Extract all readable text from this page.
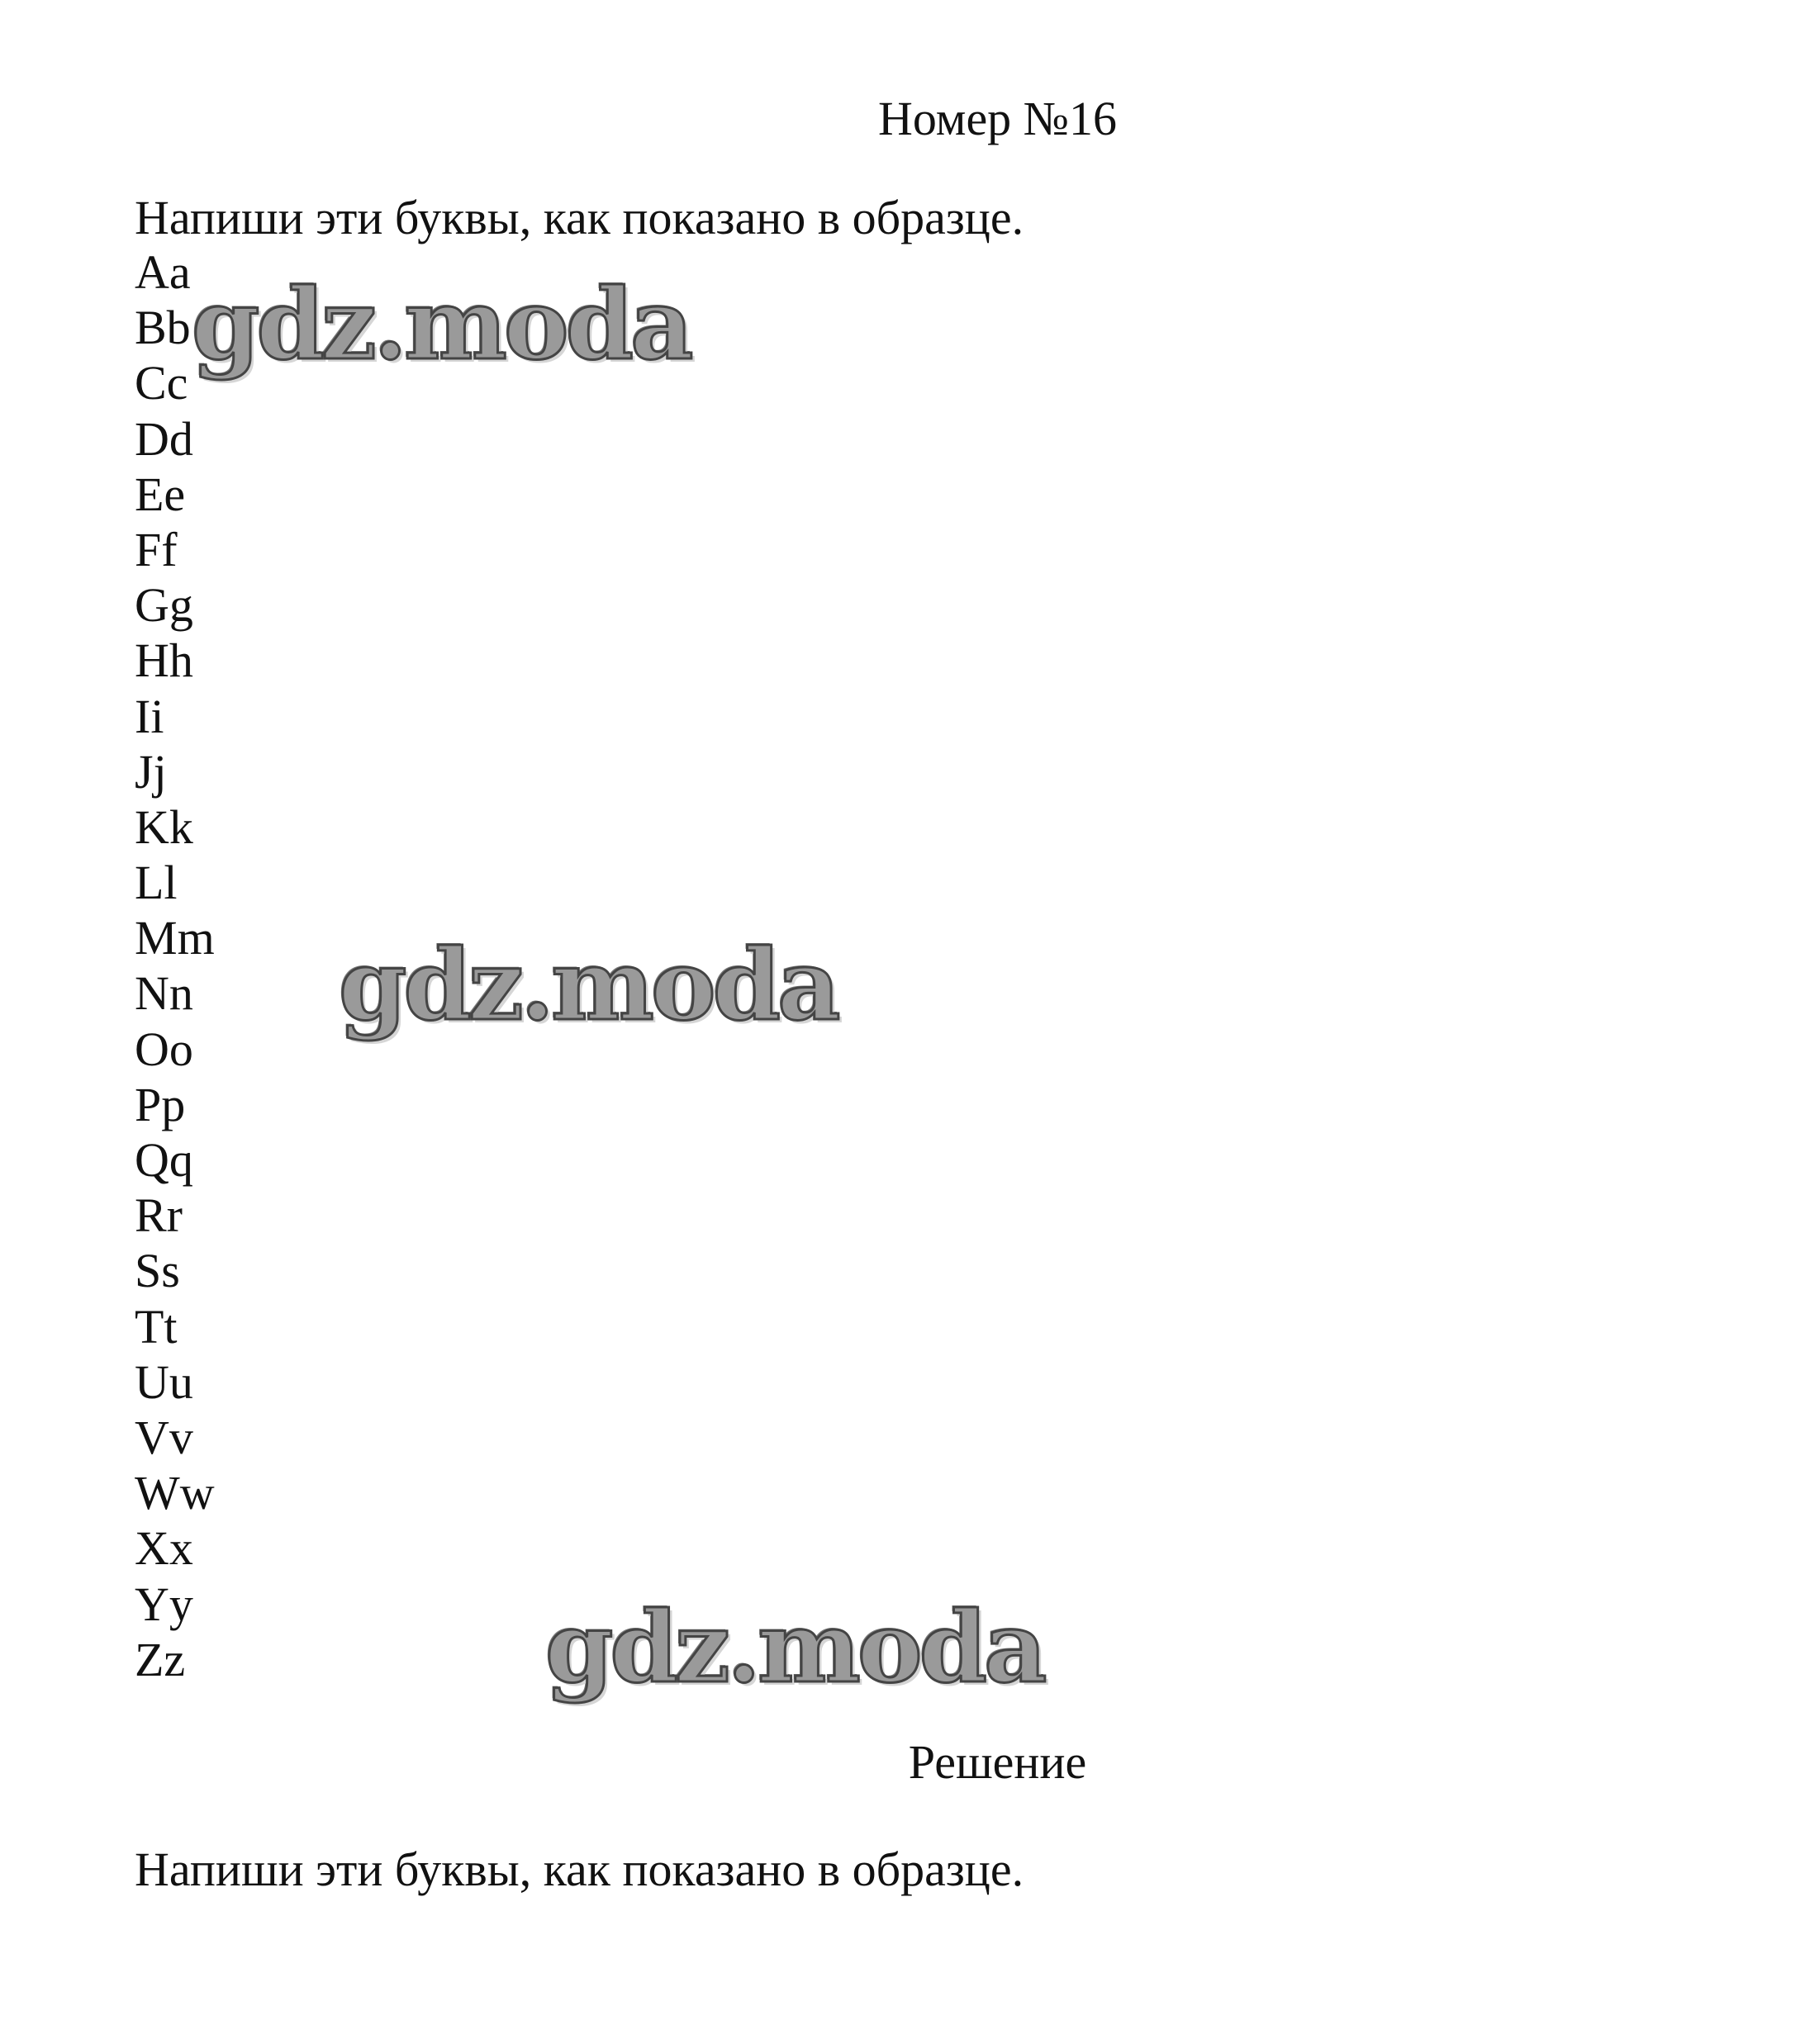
Номер №16
Напиши эти буквы, как показано в образце.
Aa
Bb
Cc
Dd
Ee
Ff
Gg
Hh
Ii
Jj
Kk
Ll
Mm
Nn
Oo
Pp
Qq
Rr
Ss
Tt
Uu
Vv
Ww
Xx
Yy
Zz
gdz.moda
gdz.moda
gdz.moda
Решение
Напиши эти буквы, как показано в образце.
